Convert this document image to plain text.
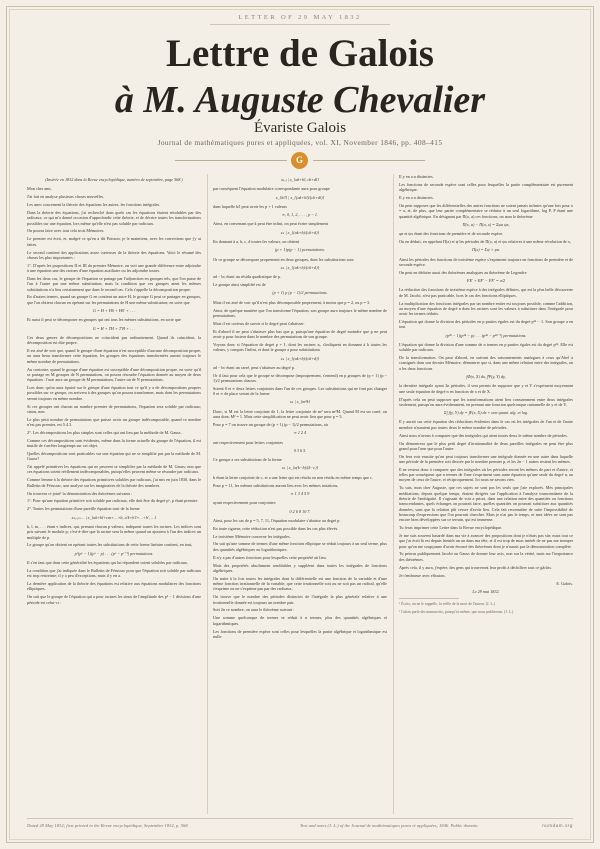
LETTER OF 29 MAY 1832
Lettre de Galois
à M. Auguste Chevalier
Évariste Galois
Journal de mathématiques pures et appliquées, vol. XI, November 1846, pp. 408–415
G

(Insérée en 1832 dans la Revue encyclopédique, numéro de septembre, page 568.)

Mon cher ami,

J'ai fait en analyse plusieurs choses nouvelles.

Les unes concernent la théorie des équations les autres, les fonctions intégrales.

Dans la théorie des équations, j'ai recherché dans quels cas les équations étaient résolubles par des radicaux, ce qui m'a donné occasion d'approfondir cette théorie, et de décrire toutes les transformations possibles sur une équation, lors même qu'elle n'est pas soluble par radicaux.

On pourra faire avec tout cela trois Mémoires.

Le premier est écrit, et, malgré ce qu'en a dit Poisson, je le maintiens, avec les corrections que j'y ai faites.

Le second contient des applications assez curieuses de la théorie des équations. Voici le résumé des choses les plus importantes :

1°. D'après les propositions II et III du premier Mémoire, on voit une grande différence entre adjoindre à une équation une des racines d'une équation auxiliaire ou les adjoindre toutes.

Dans les deux cas, le groupe de l'équation se partage par l'adjonction en groupes tels, que l'on passe de l'un à l'autre par une même substitution; mais la condition que ces groupes aient les mêmes substitutions n'a lieu certainement que dans le second cas. Cela s'appelle la décomposition propre.

En d'autres termes, quand un groupe G en contient un autre H, le groupe G peut se partager en groupes, que l'on obtient chacun en opérant sur les permutations de H une même substitution; en sorte que

G = H + HS + HS′ + . . .

Et aussi il peut se décomposer en groupes qui ont tous les mêmes substitutions, en sorte que

G = H + TH + T′H + . . .

Ces deux genres de décompositions ne coïncident pas ordinairement. Quand ils coïncident, la décomposition est dite propre.

Il est aisé de voir que, quand le groupe d'une équation n'est susceptible d'aucune décomposition propre, on aura beau transformer cette équation, les groupes des équations transformées auront toujours le même nombre de permutations.

Au contraire, quand le groupe d'une équation est susceptible d'une décomposition propre, en sorte qu'il se partage en M groupes de N permutations, on pourra résoudre l'équation donnée au moyen de deux équations : l'une aura un groupe de M permutations, l'autre un de N permutations.

Lors donc qu'on aura épuisé sur le groupe d'une équation tout ce qu'il y a de décompositions propres possibles sur ce groupe, on arrivera à des groupes qu'on pourra transformer, mais dont les permutations seront toujours en même nombre.

Si ces groupes ont chacun un nombre premier de permutations, l'équation sera soluble par radicaux; sinon, non.

Le plus petit nombre de permutations que puisse avoir un groupe indécomposable, quand ce nombre n'est pas premier, est 5.4.3.

2°. Les décompositions les plus simples sont celles qui ont lieu par la méthode de M. Gauss.

Comme ces décompositions sont évidentes, même dans la forme actuelle du groupe de l'équation, il est inutile de s'arrêter longtemps sur cet objet.

Quelles décompositions sont praticables sur une équation qui ne se simplifie pas par la méthode de M. Gauss?

J'ai appelé primitives les équations qui ne peuvent se simplifier par la méthode de M. Gauss; non que ces équations soient réellement indécomposables, puisqu'elles peuvent même se résoudre par radicaux.

Comme lemme à la théorie des équations primitives solubles par radicaux, j'ai mis en juin 1830, dans le Bulletin de Férussac, une analyse sur les imaginaires de la théorie des nombres.

On trouvera ci-joint¹ la démonstration des théorèmes suivants :

1°. Pour qu'une équation primitive soit soluble par radicaux, elle doit être du degré pᵛ, p étant premier.

2°. Toutes les permutations d'une pareille équation sont de la forme

xₖ,ₗ,ₘ… | x_{ak+bl+cm+…+h, a′k+b′l+…+h′, …}

k, l, m, . . . étant v indices, qui, prenant chacun p valeurs, indiquent toutes les racines. Les indices sont pris suivant le module p; c'est-à-dire que la racine sera la même quand on ajoutera à l'un des indices un multiple de p.

Le groupe qu'on obtient en opérant toutes les substitutions de cette forme linéaire contient, en tout,

pᵛ(pᵛ − 1)(pᵛ − p) . . . (pᵛ − pᵛ⁻¹) permutations.

Il s'en faut que dans cette généralité les équations qui lui répondent soient solubles par radicaux.

La condition que j'ai indiquée dans le Bulletin de Férussac pour que l'équation soit soluble par radicaux est trop restreinte; il y a peu d'exceptions, mais il y en a.

La dernière application de la théorie des équations est relative aux équations modulaires des fonctions elliptiques.

On sait que le groupe de l'équation qui a pour racines les sinus de l'amplitude des p² − 1 divisions d'une période est celui-ci :

xₖ,ₗ | x_{ak+bl, ck+dl}

par conséquent l'équation modulaire correspondante aura pour groupe

x_{k/l} | x_{(ak+bl)/(ck+dl)}

dans laquelle k/l peut avoir les p + 1 valeurs

∞, 0, 1, 2, . . . , p − 1.

Ainsi, en convenant que k peut être infini, on peut écrire simplement

xₖ | x_{(ak+b)/(ck+d)}

En donnant à a, b, c, d toutes les valeurs, on obtient

(p + 1)p(p − 1) permutations.

Or ce groupe se décompose proprement en deux groupes, dont les substitutions sont

xₖ | x_{(ak+b)/(ck+d)}

ad − bc étant un résidu quadratique de p.

Le groupe ainsi simplifié est de

(p + 1) p (p − 1)/2 permutations.

Mais il est aisé de voir qu'il n'est plus décomposable proprement, à moins que p = 2, ou p = 3.

Ainsi, de quelque manière que l'on transforme l'équation, son groupe aura toujours le même nombre de permutations.

Mais il est curieux de savoir si le degré peut s'abaisser.

Et d'abord il ne peut s'abaisser plus bas que p, puisqu'une équation de degré moindre que p ne peut avoir p pour facteur dans le nombre des permutations de son groupe.

Voyons donc si l'équation de degré p + 1, dont les racines xₖ s'indiquent en donnant à k toutes les valeurs, y compris l'infini, et dont le groupe a pour substitutions

xₖ | x_{(ak+b)/(ck+d)}

ad − bc étant un carré, peut s'abaisser au degré p.

Or il faut pour cela que le groupe se décompose (improprement, s'entend) en p groupes de (p + 1) (p − 1)/2 permutations chacun.

Soient 0 et ∞ deux lettres conjointes dans l'un de ces groupes. Les substitutions qui ne font pas changer 0 et ∞ de place seront de la forme

xₖ | x_{m²k}

Donc, si M est la lettre conjointe de 1, la lettre conjointe de m² sera m²M. Quand M est un carré, on aura donc M² = 1. Mais cette simplification ne peut avoir lieu que pour p = 5.

Pour p = 7 on trouve un groupe de (p + 1) (p − 1)/2 permutations, où

∞ 1 2 4

ont respectivement pour lettres conjointes

0 3 6 5.

Ce groupe a ses substitutions de la forme

xₖ | x_{a(k−b)/(k−c)}

b étant la lettre conjointe de c, et a une lettre qui est résidu ou non résidu en même temps que c.

Pour p = 11, les mêmes substitutions auront lieu avec les mêmes notations,

∞ 1 3 4 5 9

ayant respectivement pour conjointes

0 2 6 8 10 7.

Ainsi, pour les cas de p = 5, 7, 11, l'équation modulaire s'abaisse au degré p.

En toute rigueur, cette réduction n'est pas possible dans les cas plus élevés.

Le troisième Mémoire concerne les intégrales.

On sait qu'une somme de termes d'une même fonction elliptique se réduit toujours à un seul terme, plus des quantités algébriques ou logarithmiques.

Il n'y a pas d'autres fonctions pour lesquelles cette propriété ait lieu.

Mais des propriétés absolument semblables y suppléent dans toutes les intégrales de fonctions algébriques.

On traite à la fois toutes les intégrales dont la différentielle est une fonction de la variable et d'une même fonction irrationnelle de la variable, que cette irrationnelle soit ou ne soit pas un radical, qu'elle s'exprime ou ne s'exprime pas par des radicaux.

On trouve que le nombre des périodes distinctes de l'intégrale la plus générale relative à une irrationnelle donnée est toujours un nombre pair.

Soit 2n ce nombre, on aura le théorème suivant :

Une somme quelconque de termes se réduit à n termes, plus des quantités algébriques et logarithmiques.

Les fonctions de première espèce sont celles pour lesquelles la partie algébrique et logarithmique est nulle.

Il y en a n distinctes.

Les fonctions de seconde espèce sont celles pour lesquelles la partie complémentaire est purement algébrique.

Il y en a n distinctes.

On peut supposer que les différentielles des autres fonctions ne soient jamais infinies qu'une fois pour x = a, et, de plus, que leur partie complémentaire se réduise à un seul logarithme, log P, P étant une quantité algébrique. En désignant par Π(x, a) ces fonctions, on aura le théorème

Π(x, a) − Π(a, x) = Σφa ψx,

φa et ψx étant des fonctions de première et de seconde espèce.

On en déduit, en appelant Π(a) et ψ les périodes de Π(x, a) et ψx relatives à une même révolution de x,

Π(x) = Σψ × φa.

Ainsi les périodes des fonctions de troisième espèce s'expriment toujours en fonctions de première et de seconde espèce.

On peut en déduire aussi des théorèmes analogues au théorème de Legendre

FE′ + EF′ − FF′ = π/2

La réduction des fonctions de troisième espèce à des intégrales définies, qui est la plus belle découverte de M. Jacobi, n'est pas praticable, hors le cas des fonctions elliptiques.

La multiplication des fonctions intégrales par un nombre entier est toujours possible, comme l'addition, au moyen d'une équation de degré n dont les racines sont les valeurs à substituer dans l'intégrale pour avoir les termes réduits.

L'équation qui donne la division des périodes en p parties égales est du degré p²ⁿ − 1. Son groupe a en tout

(p²ⁿ − 1)(p²ⁿ − p) . . . (p²ⁿ − p²ⁿ⁻¹) permutations.

L'équation qui donne la division d'une somme de n termes en p parties égales est du degré p²ⁿ. Elle est soluble par radicaux.

De la transformation. On peut d'abord, en suivant des raisonnements analogues à ceux qu'Abel a consignés dans son dernier Mémoire, démontrer que si, dans une même relation entre des intégrales, on a les deux fonctions

∫Φ(x, X) dx, ∫Ψ(y, Y) dy,

la dernière intégrale ayant 2n périodes, il sera permis de supposer que y et Y s'expriment moyennant une seule équation de degré n en fonction de x et de X.

D'après cela on peut supposer que les transformations aient lieu constamment entre deux intégrales seulement, puisqu'on aura évidemment, en prenant une fonction quelconque rationnelle de y et de Y,

Σ∫ f(y, Y) dy = ∫F(x, X) dx + une quant. alg. et log.

Il y aurait sur cette équation des réductions évidentes dans le cas où les intégrales de l'un et de l'autre membre n'auraient pas toutes deux le même nombre de périodes.

Ainsi nous n'avons à comparer que des intégrales qui aient toutes deux le même nombre de périodes.

On démontrera que le plus petit degré d'irrationnalité de deux pareilles intégrales ne peut être plus grand pour l'une que pour l'autre.

On fera voir ensuite qu'on peut toujours transformer une intégrale donnée en une autre dans laquelle une période de la première soit divisée par le nombre premier p, et les 2n − 1 autres restent les mêmes.

Il ne restera donc à comparer que des intégrales où les périodes seront les mêmes de part et d'autre, et telles par conséquent que n termes de l'une s'expriment sans autre équation qu'une seule du degré n, au moyen de ceux de l'autre, et réciproquement. Ici nous ne savons rien.

Tu sais, mon cher Auguste, que ces sujets ne sont pas les seuls que j'aie explorés. Mes principales méditations, depuis quelque temps, étaient dirigées sur l'application à l'analyse transcendante de la théorie de l'ambiguïté. Il s'agissait de voir a priori, dans une relation entre des quantités ou fonctions transcendantes, quels échanges on pourrait faire, quelles quantités on pourrait substituer aux quantités données, sans que la relation pût cesser d'avoir lieu. Cela fait reconnaître de suite l'impossibilité de beaucoup d'expressions que l'on pourrait chercher. Mais je n'ai pas le temps, et mes idées ne sont pas encore bien développées sur ce terrain, qui est immense.

Tu feras imprimer cette Lettre dans la Revue encyclopédique.

Je me suis souvent hasardé dans ma vie à avancer des propositions dont je n'étais pas sûr; mais tout ce que j'ai écrit là est depuis bientôt un an dans ma tête, et il est trop de mon intérêt de ne pas me tromper pour qu'on me soupçonne d'avoir énoncé des théorèmes dont je n'aurais pas la démonstration complète.

Tu prieras publiquement Jacobi ou Gauss de donner leur avis, non sur la vérité, mais sur l'importance des théorèmes.

Après cela, il y aura, j'espère, des gens qui trouveront leur profit à déchiffrer tout ce gâchis.

Je t'embrasse avec effusion.

E. Galois.

Le 29 mai 1832.

¹ Écrits, on ne le rappelle, la veille de la mort de l'auteur. (J. L.)

² Galois parle des manuscrits, puisqu'ici même, que nous publierons. (J. L.)

Dated 29 May 1832; first printed in the Revue encyclopédique, September 1832, p. 568.	Text and notes (J. L.) of the Journal de mathématiques pures et appliquées, 1846. Public domain.	numdam.org
